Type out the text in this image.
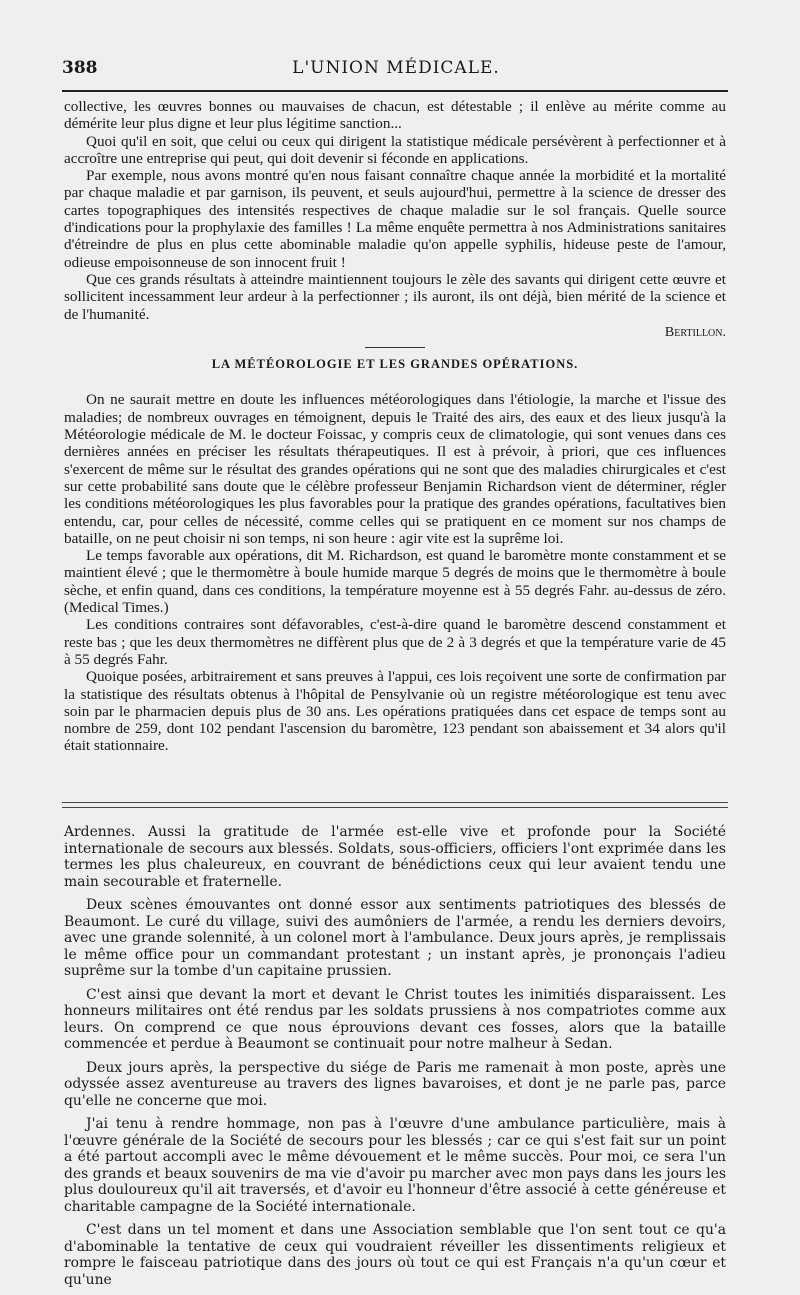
388	L'UNION MÉDICALE.

collective, les œuvres bonnes ou mauvaises de chacun, est détestable ; il enlève au mérite comme au démérite leur plus digne et leur plus légitime sanction...

Quoi qu'il en soit, que celui ou ceux qui dirigent la statistique médicale persévèrent à perfectionner et à accroître une entreprise qui peut, qui doit devenir si féconde en applications.

Par exemple, nous avons montré qu'en nous faisant connaître chaque année la morbidité et la mortalité par chaque maladie et par garnison, ils peuvent, et seuls aujourd'hui, permettre à la science de dresser des cartes topographiques des intensités respectives de chaque maladie sur le sol français. Quelle source d'indications pour la prophylaxie des familles ! La même enquête permettra à nos Administrations sanitaires d'étreindre de plus en plus cette abominable maladie qu'on appelle syphilis, hideuse peste de l'amour, odieuse empoisonneuse de son innocent fruit !

Que ces grands résultats à atteindre maintiennent toujours le zèle des savants qui dirigent cette œuvre et sollicitent incessamment leur ardeur à la perfectionner ; ils auront, ils ont déjà, bien mérité de la science et de l'humanité.

Bertillon.
LA MÉTÉOROLOGIE ET LES GRANDES OPÉRATIONS.

On ne saurait mettre en doute les influences météorologiques dans l'étiologie, la marche et l'issue des maladies; de nombreux ouvrages en témoignent, depuis le Traité des airs, des eaux et des lieux jusqu'à la Météorologie médicale de M. le docteur Foissac, y compris ceux de climatologie, qui sont venues dans ces dernières années en préciser les résultats thérapeutiques. Il est à prévoir, à priori, que ces influences s'exercent de même sur le résultat des grandes opérations qui ne sont que des maladies chirurgicales et c'est sur cette probabilité sans doute que le célèbre professeur Benjamin Richardson vient de déterminer, régler les conditions météorologiques les plus favorables pour la pratique des grandes opérations, facultatives bien entendu, car, pour celles de nécessité, comme celles qui se pratiquent en ce moment sur nos champs de bataille, on ne peut choisir ni son temps, ni son heure : agir vite est la suprême loi.

Le temps favorable aux opérations, dit M. Richardson, est quand le baromètre monte constamment et se maintient élevé ; que le thermomètre à boule humide marque 5 degrés de moins que le thermomètre à boule sèche, et enfin quand, dans ces conditions, la température moyenne est à 55 degrés Fahr. au-dessus de zéro. (Medical Times.)

Les conditions contraires sont défavorables, c'est-à-dire quand le baromètre descend constamment et reste bas ; que les deux thermomètres ne diffèrent plus que de 2 à 3 degrés et que la température varie de 45 à 55 degrés Fahr.

Quoique posées, arbitrairement et sans preuves à l'appui, ces lois reçoivent une sorte de confirmation par la statistique des résultats obtenus à l'hôpital de Pensylvanie où un registre météorologique est tenu avec soin par le pharmacien depuis plus de 30 ans. Les opérations pratiquées dans cet espace de temps sont au nombre de 259, dont 102 pendant l'ascension du baromètre, 123 pendant son abaissement et 34 alors qu'il était stationnaire.

Ardennes. Aussi la gratitude de l'armée est-elle vive et profonde pour la Société internationale de secours aux blessés. Soldats, sous-officiers, officiers l'ont exprimée dans les termes les plus chaleureux, en couvrant de bénédictions ceux qui leur avaient tendu une main secourable et fraternelle.

Deux scènes émouvantes ont donné essor aux sentiments patriotiques des blessés de Beaumont. Le curé du village, suivi des aumôniers de l'armée, a rendu les derniers devoirs, avec une grande solennité, à un colonel mort à l'ambulance. Deux jours après, je remplissais le même office pour un commandant protestant ; un instant après, je prononçais l'adieu suprême sur la tombe d'un capitaine prussien.

C'est ainsi que devant la mort et devant le Christ toutes les inimitiés disparaissent. Les honneurs militaires ont été rendus par les soldats prussiens à nos compatriotes comme aux leurs. On comprend ce que nous éprouvions devant ces fosses, alors que la bataille commencée et perdue à Beaumont se continuait pour notre malheur à Sedan.

Deux jours après, la perspective du siége de Paris me ramenait à mon poste, après une odyssée assez aventureuse au travers des lignes bavaroises, et dont je ne parle pas, parce qu'elle ne concerne que moi.

J'ai tenu à rendre hommage, non pas à l'œuvre d'une ambulance particulière, mais à l'œuvre générale de la Société de secours pour les blessés ; car ce qui s'est fait sur un point a été partout accompli avec le même dévouement et le même succès. Pour moi, ce sera l'un des grands et beaux souvenirs de ma vie d'avoir pu marcher avec mon pays dans les jours les plus douloureux qu'il ait traversés, et d'avoir eu l'honneur d'être associé à cette généreuse et charitable campagne de la Société internationale.

C'est dans un tel moment et dans une Association semblable que l'on sent tout ce qu'a d'abominable la tentative de ceux qui voudraient réveiller les dissentiments religieux et rompre le faisceau patriotique dans des jours où tout ce qui est Français n'a qu'un cœur et qu'une
